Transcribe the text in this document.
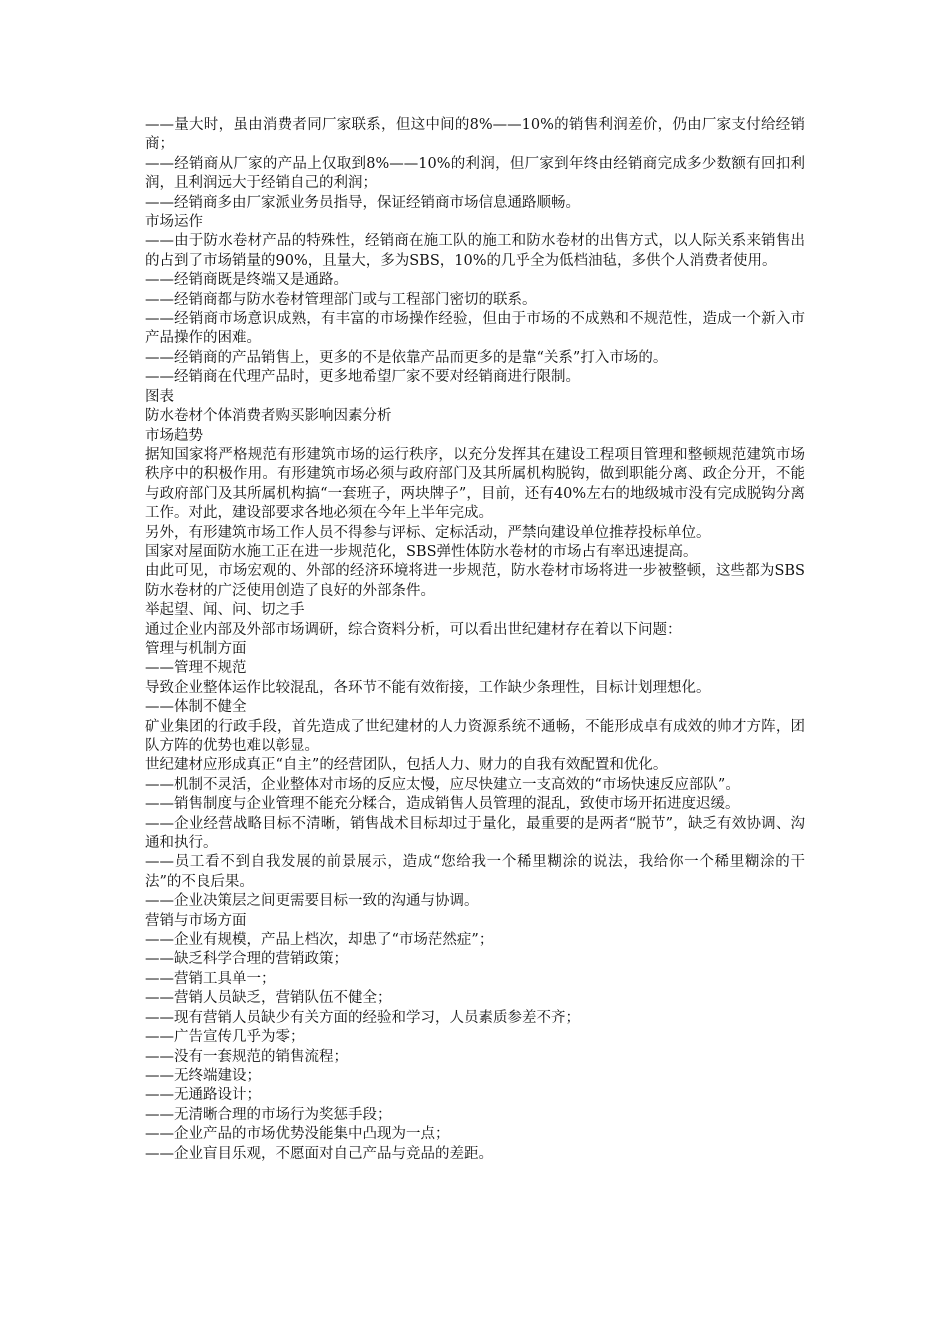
——量大时，虽由消费者同厂家联系，但这中间的8%——10%的销售利润差价，仍由厂家支付给经销商；

——经销商从厂家的产品上仅取到8%——10%的利润，但厂家到年终由经销商完成多少数额有回扣利润，且利润远大于经销自己的利润；

——经销商多由厂家派业务员指导，保证经销商市场信息通路顺畅。

市场运作

——由于防水卷材产品的特殊性，经销商在施工队的施工和防水卷材的出售方式，以人际关系来销售出的占到了市场销量的90%，且量大，多为SBS，10%的几乎全为低档油毡，多供个人消费者使用。

——经销商既是终端又是通路。

——经销商都与防水卷材管理部门或与工程部门密切的联系。

——经销商市场意识成熟，有丰富的市场操作经验，但由于市场的不成熟和不规范性，造成一个新入市产品操作的困难。

——经销商的产品销售上，更多的不是依靠产品而更多的是靠“关系”打入市场的。

——经销商在代理产品时，更多地希望厂家不要对经销商进行限制。

图表

防水卷材个体消费者购买影响因素分析

市场趋势

据知国家将严格规范有形建筑市场的运行秩序，以充分发挥其在建设工程项目管理和整顿规范建筑市场秩序中的积极作用。有形建筑市场必须与政府部门及其所属机构脱钩，做到职能分离、政企分开，不能与政府部门及其所属机构搞“一套班子，两块牌子”，目前，还有40%左右的地级城市没有完成脱钩分离工作。对此，建设部要求各地必须在今年上半年完成。

另外，有形建筑市场工作人员不得参与评标、定标活动，严禁向建设单位推荐投标单位。

国家对屋面防水施工正在进一步规范化，SBS弹性体防水卷材的市场占有率迅速提高。

由此可见，市场宏观的、外部的经济环境将进一步规范，防水卷材市场将进一步被整顿，这些都为SBS防水卷材的广泛使用创造了良好的外部条件。

举起望、闻、问、切之手

通过企业内部及外部市场调研，综合资料分析，可以看出世纪建材存在着以下问题：

管理与机制方面

——管理不规范

导致企业整体运作比较混乱，各环节不能有效衔接，工作缺少条理性，目标计划理想化。

——体制不健全

矿业集团的行政手段，首先造成了世纪建材的人力资源系统不通畅，不能形成卓有成效的帅才方阵，团队方阵的优势也难以彰显。

世纪建材应形成真正“自主”的经营团队，包括人力、财力的自我有效配置和优化。

——机制不灵活，企业整体对市场的反应太慢，应尽快建立一支高效的“市场快速反应部队”。

——销售制度与企业管理不能充分糅合，造成销售人员管理的混乱，致使市场开拓进度迟缓。

——企业经营战略目标不清晰，销售战术目标却过于量化，最重要的是两者“脱节”，缺乏有效协调、沟通和执行。

——员工看不到自我发展的前景展示，造成“您给我一个稀里糊涂的说法，我给你一个稀里糊涂的干法”的不良后果。

——企业决策层之间更需要目标一致的沟通与协调。

营销与市场方面

——企业有规模，产品上档次，却患了“市场茫然症”；

——缺乏科学合理的营销政策；

——营销工具单一；

——营销人员缺乏，营销队伍不健全；

——现有营销人员缺少有关方面的经验和学习，人员素质参差不齐；

——广告宣传几乎为零；

——没有一套规范的销售流程；

——无终端建设；

——无通路设计；

——无清晰合理的市场行为奖惩手段；

——企业产品的市场优势没能集中凸现为一点；

——企业盲目乐观，不愿面对自己产品与竞品的差距。
